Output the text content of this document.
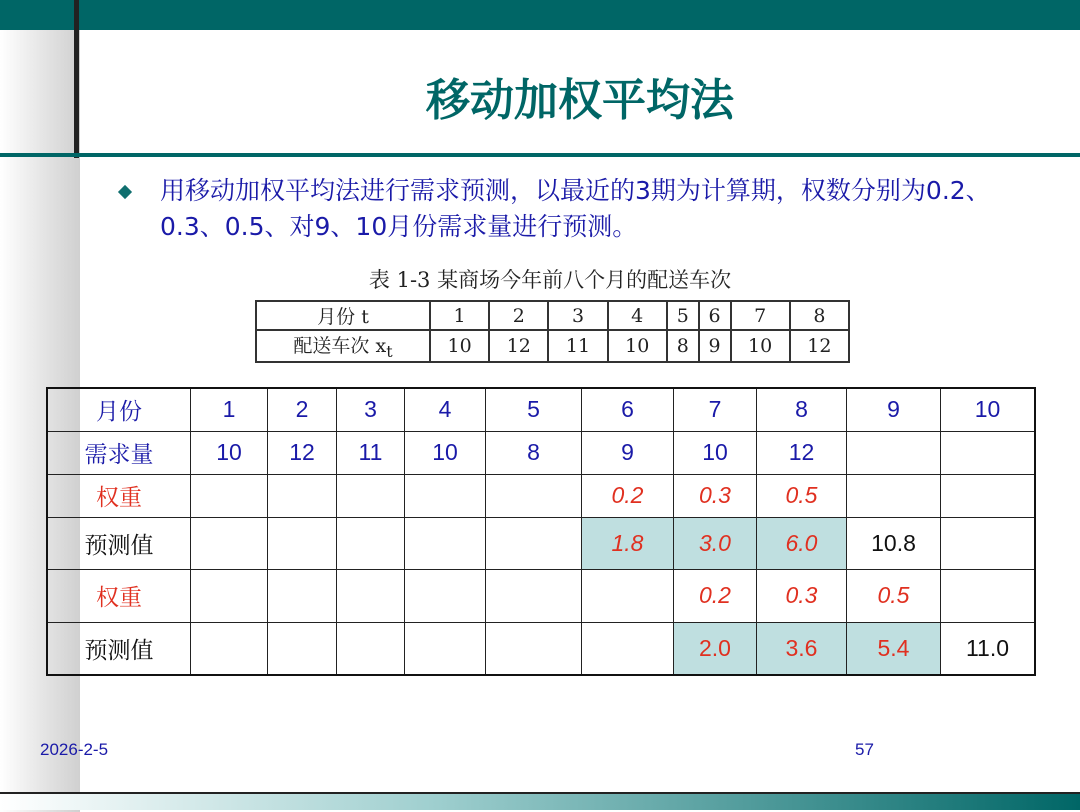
移动加权平均法
用移动加权平均法进行需求预测，以最近的3期为计算期，权数分别为0.2、0.3、0.5、对9、10月份需求量进行预测。
表 1-3 某商场今年前八个月的配送车次
月份 t	1	2	3	4	5	6	7	8
配送车次 $x_t$	10	12	11	10	8	9	10	12
月份	1	2	3	4	5	6	7	8	9	10
需求量	10	12	11	10	8	9	10	12		
权重						0.2	0.3	0.5		
预测值						1.8	3.0	6.0	10.8	
权重							0.2	0.3	0.5	
预测值							2.0	3.6	5.4	11.0
2026-2-5	57
